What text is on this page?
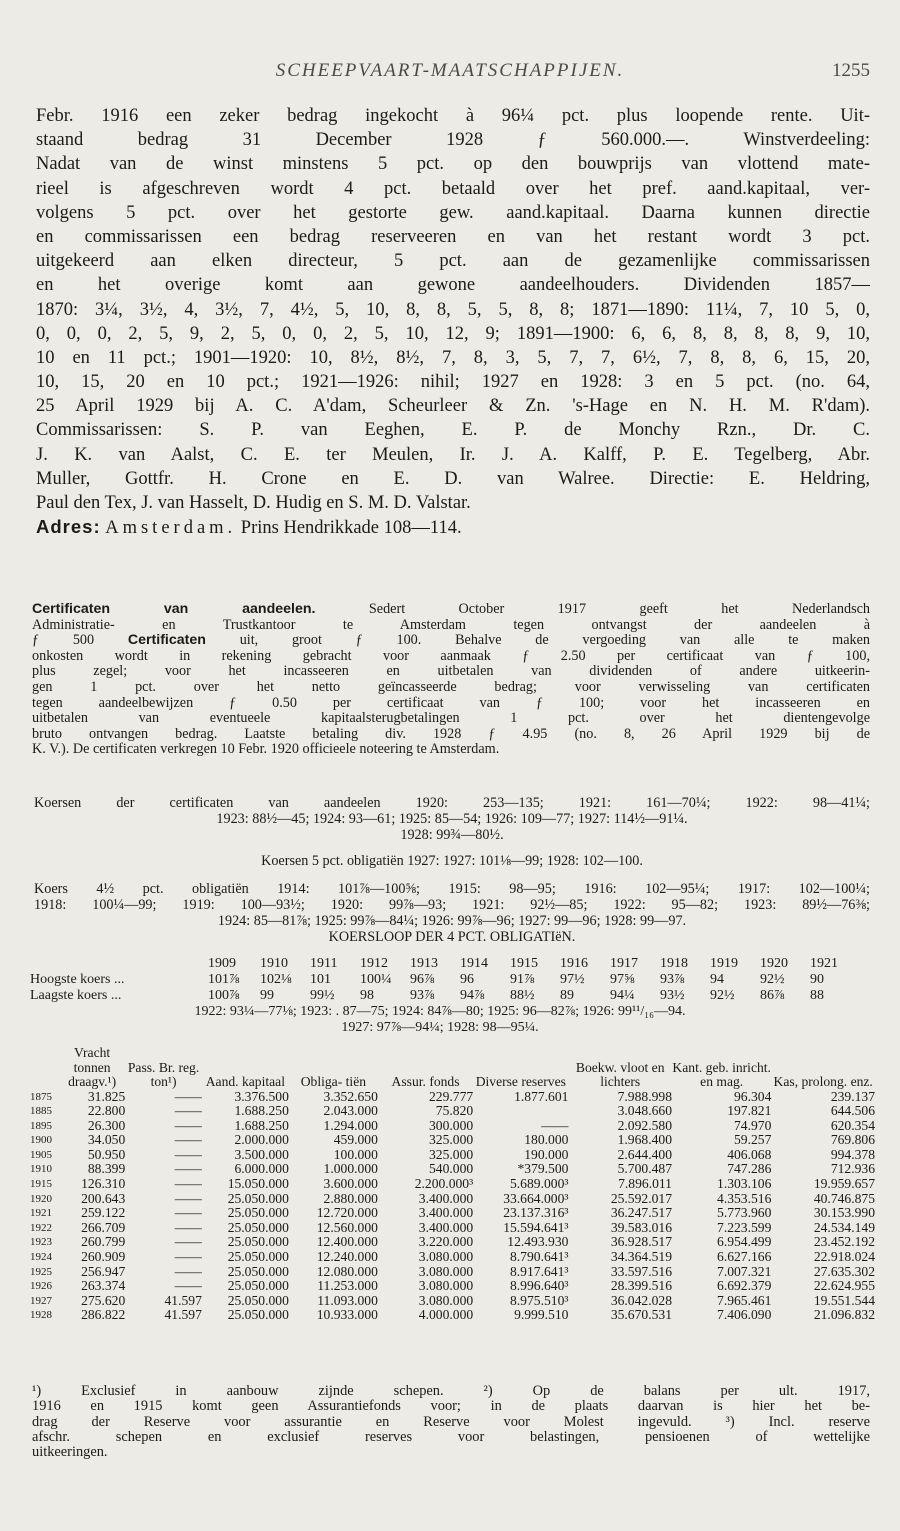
SCHEEPVAART-MAATSCHAPPIJEN.	1255
Febr. 1916 een zeker bedrag ingekocht à 96¼ pct. plus loopende rente. Uit-
staand bedrag 31 December 1928 ƒ 560.000.—. Winstverdeeling:
Nadat van de winst minstens 5 pct. op den bouwprijs van vlottend mate-
rieel is afgeschreven wordt 4 pct. betaald over het pref. aand.kapitaal, ver-
volgens 5 pct. over het gestorte gew. aand.kapitaal. Daarna kunnen directie
en commissarissen een bedrag reserveeren en van het restant wordt 3 pct.
uitgekeerd aan elken directeur, 5 pct. aan de gezamenlijke commissarissen
en het overige komt aan gewone aandeelhouders. Dividenden 1857—
1870: 3¼, 3½, 4, 3½, 7, 4½, 5, 10, 8, 8, 5, 5, 8, 8; 1871—1890: 11¼, 7, 10 5, 0,
0, 0, 0, 2, 5, 9, 2, 5, 0, 0, 2, 5, 10, 12, 9; 1891—1900: 6, 6, 8, 8, 8, 8, 9, 10,
10 en 11 pct.; 1901—1920: 10, 8½, 8½, 7, 8, 3, 5, 7, 7, 6½, 7, 8, 8, 6, 15, 20,
10, 15, 20 en 10 pct.; 1921—1926: nihil; 1927 en 1928: 3 en 5 pct. (no. 64,
25 April 1929 bij A. C. A'dam, Scheurleer & Zn. 's-Hage en N. H. M. R'dam).
Commissarissen: S. P. van Eeghen, E. P. de Monchy Rzn., Dr. C.
J. K. van Aalst, C. E. ter Meulen, Ir. J. A. Kalff, P. E. Tegelberg, Abr.
Muller, Gottfr. H. Crone en E. D. van Walree. Directie: E. Heldring,
Paul den Tex, J. van Hasselt, D. Hudig en S. M. D. Valstar.
Adres: Amsterdam. Prins Hendrikkade 108—114.
Certificaten van aandeelen.	Sedert October 1917 geeft het Nederlandsch
Administratie- en Trustkantoor te Amsterdam tegen ontvangst der aandeelen à
ƒ 500 Certificaten uit, groot ƒ 100. Behalve de vergoeding van alle te maken
onkosten wordt in rekening gebracht voor aanmaak ƒ 2.50 per certificaat van ƒ 100,
plus zegel; voor het incasseeren en uitbetalen van dividenden of andere uitkeerin-
gen 1 pct. over het netto geïncasseerde bedrag; voor verwisseling van certificaten
tegen aandeelbewijzen ƒ 0.50 per certificaat van ƒ 100; voor het incasseeren en
uitbetalen van eventueele kapitaalsterugbetalingen 1 pct. over het dientengevolge
bruto ontvangen bedrag. Laatste betaling div. 1928 ƒ 4.95 (no. 8, 26 April 1929 bij de
K. V.). De certificaten verkregen 10 Febr. 1920 officieele noteering te Amsterdam.
Koersen der certificaten van aandeelen 1920: 253—135; 1921: 161—70¼; 1922: 98—41¼;
1923: 88½—45; 1924: 93—61; 1925: 85—54; 1926: 109—77; 1927: 114½—91¼.
1928: 99¾—80½.
Koersen 5 pct. obligatiën 1927: 1927: 101⅛—99; 1928: 102—100.
Koers 4½ pct. obligatiën 1914: 101⅞—100⅝; 1915: 98—95; 1916: 102—95¼; 1917: 102—100¼;
1918: 100¼—99; 1919: 100—93½; 1920: 99⅞—93; 1921: 92½—85; 1922: 95—82; 1923: 89½—76⅜;
1924: 85—81⅞; 1925: 99⅞—84¼; 1926: 99⅞—96; 1927: 99—96; 1928: 99—97.
KOERSLOOP DER 4 PCT. OBLIGATIëN.
	1909	1910	1911	1912	1913	1914	1915	1916	1917	1918	1919	1920	1921
Hoogste koers ...	101⅞	102⅛	101	100¼	96⅞	96	91⅞	97½	97⅝	93⅞	94	92½	90
Laagste koers ...	100⅞	99	99½	98	93⅞	94⅞	88½	89	94¼	93½	92½	86⅞	88
1922: 93¼—77⅛; 1923: . 87—75; 1924: 84⅞—80; 1925: 96—82⅞; 1926: 99¹¹/₁₆—94.
1927: 97⅞—94¼; 1928: 98—95¼.
	Vracht tonnen draagv.¹)	Pass. Br. reg. ton¹)	Aand. kapitaal	Obliga- tiën	Assur. fonds	Diverse reserves	Boekw. vloot en lichters	Kant. geb. inricht. en mag.	Kas, prolong. enz.
1875	31.825	——	3.376.500	3.352.650	229.777	1.877.601	7.988.998	96.304	239.137
1885	22.800	——	1.688.250	2.043.000	75.820		3.048.660	197.821	644.506
1895	26.300	——	1.688.250	1.294.000	300.000	——	2.092.580	74.970	620.354
1900	34.050	——	2.000.000	459.000	325.000	180.000	1.968.400	59.257	769.806
1905	50.950	——	3.500.000	100.000	325.000	190.000	2.644.400	406.068	994.378
1910	88.399	——	6.000.000	1.000.000	540.000	*379.500	5.700.487	747.286	712.936
1915	126.310	——	15.050.000	3.600.000	2.200.000³	5.689.000³	7.896.011	1.303.106	19.959.657
1920	200.643	——	25.050.000	2.880.000	3.400.000	33.664.000³	25.592.017	4.353.516	40.746.875
1921	259.122	——	25.050.000	12.720.000	3.400.000	23.137.316³	36.247.517	5.773.960	30.153.990
1922	266.709	——	25.050.000	12.560.000	3.400.000	15.594.641³	39.583.016	7.223.599	24.534.149
1923	260.799	——	25.050.000	12.400.000	3.220.000	12.493.930	36.928.517	6.954.499	23.452.192
1924	260.909	——	25.050.000	12.240.000	3.080.000	8.790.641³	34.364.519	6.627.166	22.918.024
1925	256.947	——	25.050.000	12.080.000	3.080.000	8.917.641³	33.597.516	7.007.321	27.635.302
1926	263.374	——	25.050.000	11.253.000	3.080.000	8.996.640³	28.399.516	6.692.379	22.624.955
1927	275.620	41.597	25.050.000	11.093.000	3.080.000	8.975.510³	36.042.028	7.965.461	19.551.544
1928	286.822	41.597	25.050.000	10.933.000	4.000.000	9.999.510	35.670.531	7.406.090	21.096.832
¹) Exclusief in aanbouw zijnde schepen. ²) Op de balans per ult. 1917,
1916 en 1915 komt geen Assurantiefonds voor; in de plaats daarvan is hier het be-
drag der Reserve voor assurantie en Reserve voor Molest ingevuld. ³) Incl. reserve
afschr. schepen en exclusief reserves voor belastingen, pensioenen of wettelijke
uitkeeringen.
